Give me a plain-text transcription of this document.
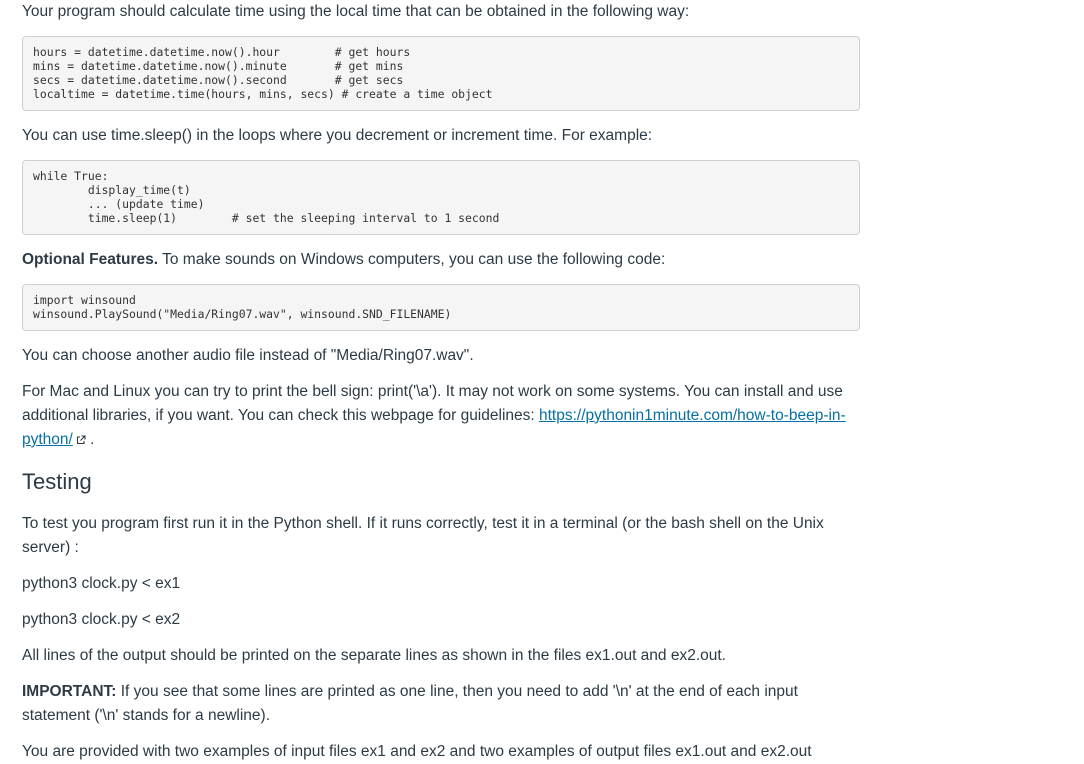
Your program should calculate time using the local time that can be obtained in the following way:

hours = datetime.datetime.now().hour        # get hours
mins = datetime.datetime.now().minute       # get mins
secs = datetime.datetime.now().second       # get secs
localtime = datetime.time(hours, mins, secs) # create a time object

You can use time.sleep() in the loops where you decrement or increment time. For example:

while True:
display_time(t)
... (update time)
time.sleep(1)        # set the sleeping interval to 1 second

Optional Features. To make sounds on Windows computers, you can use the following code:

import winsound
winsound.PlaySound("Media/Ring07.wav", winsound.SND_FILENAME)

You can choose another audio file instead of "Media/Ring07.wav".

For Mac and Linux you can try to print the bell sign: print('\a'). It may not work on some systems. You can install and use additional libraries, if you want. You can check this webpage for guidelines: https://pythonin1minute.com/how-to-beep-in-python/ .

Testing

To test you program first run it in the Python shell. If it runs correctly, test it in a terminal (or the bash shell on the Unix server) :

python3 clock.py < ex1

python3 clock.py < ex2

All lines of the output should be printed on the separate lines as shown in the files ex1.out and ex2.out.

IMPORTANT: If you see that some lines are printed as one line, then you need to add '\n' at the end of each input statement ('\n' stands for a newline).

You are provided with two examples of input files ex1 and ex2 and two examples of output files ex1.out and ex2.out
